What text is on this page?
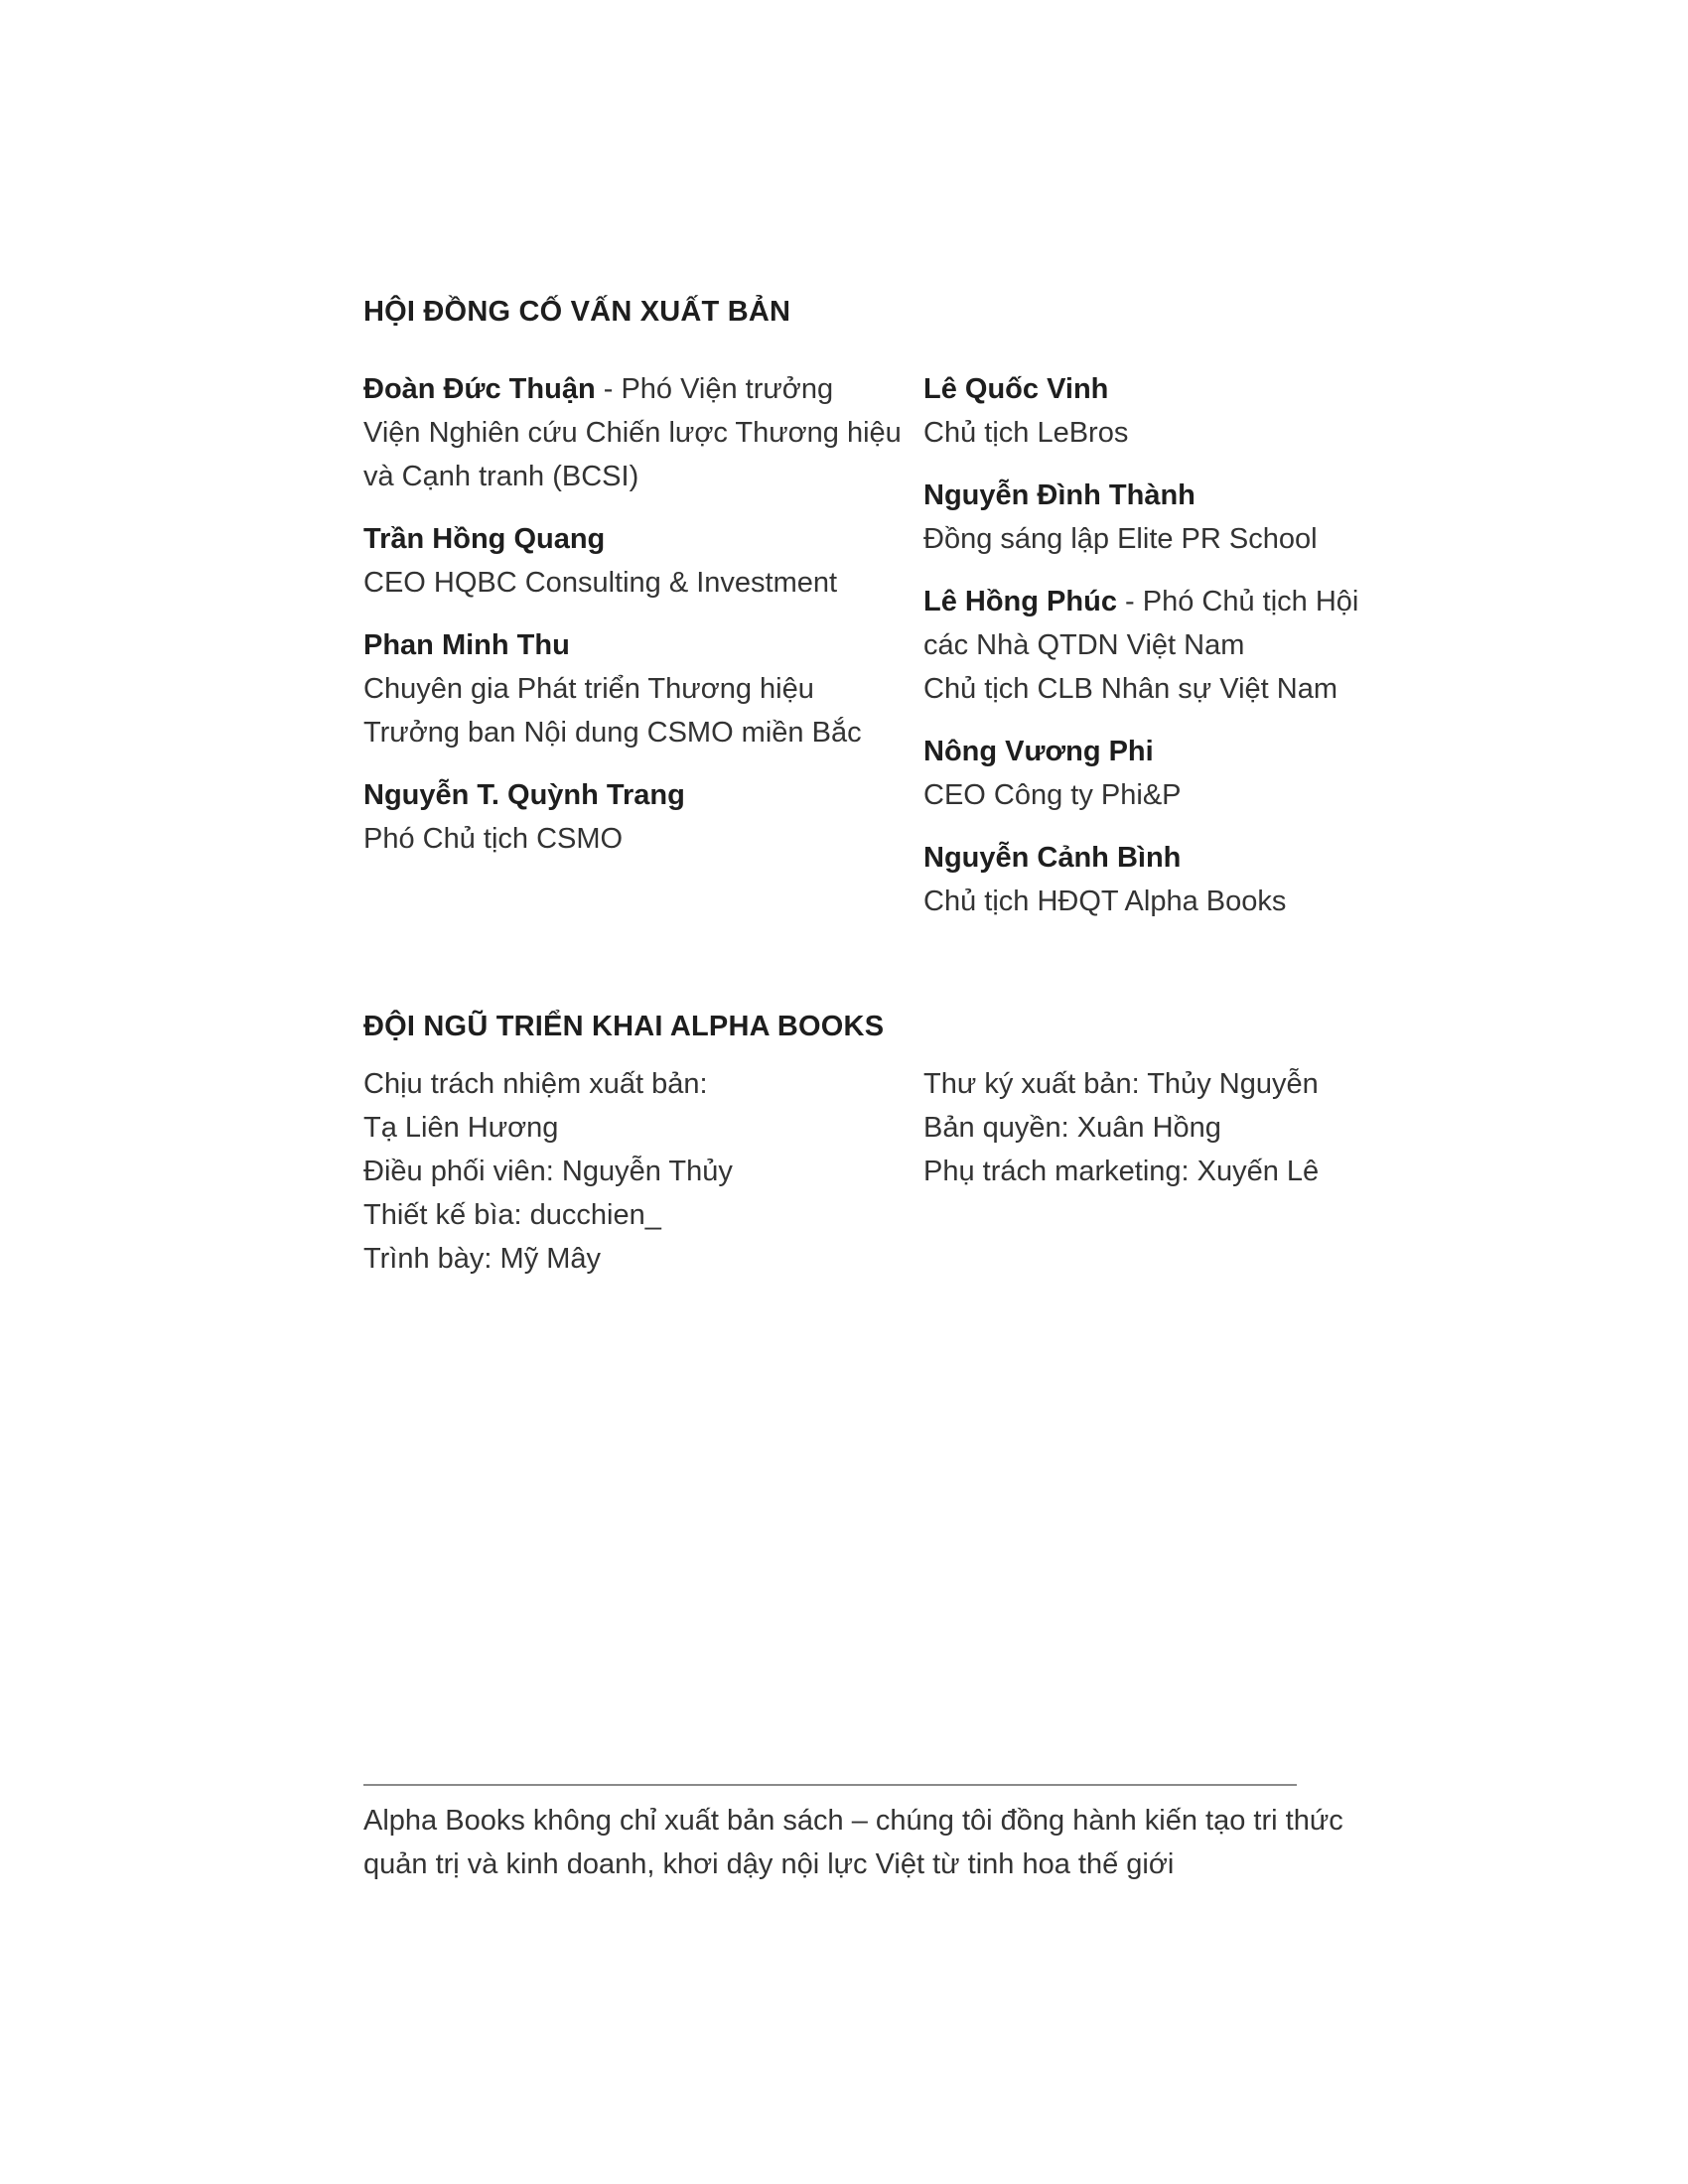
HỘI ĐỒNG CỐ VẤN XUẤT BẢN
Đoàn Đức Thuận - Phó Viện trưởng
Viện Nghiên cứu Chiến lược Thương hiệu
và Cạnh tranh (BCSI)
Trần Hồng Quang
CEO HQBC Consulting & Investment
Phan Minh Thu
Chuyên gia Phát triển Thương hiệu
Trưởng ban Nội dung CSMO miền Bắc
Nguyễn T. Quỳnh Trang
Phó Chủ tịch CSMO
Lê Quốc Vinh
Chủ tịch LeBros
Nguyễn Đình Thành
Đồng sáng lập Elite PR School
Lê Hồng Phúc - Phó Chủ tịch Hội
các Nhà QTDN Việt Nam
Chủ tịch CLB Nhân sự Việt Nam
Nông Vương Phi
CEO Công ty Phi&P
Nguyễn Cảnh Bình
Chủ tịch HĐQT Alpha Books
ĐỘI NGŨ TRIỂN KHAI ALPHA BOOKS
Chịu trách nhiệm xuất bản:
Tạ Liên Hương
Điều phối viên: Nguyễn Thủy
Thiết kế bìa: ducchien_
Trình bày: Mỹ Mây
Thư ký xuất bản: Thủy Nguyễn
Bản quyền: Xuân Hồng
Phụ trách marketing: Xuyến Lê
Alpha Books không chỉ xuất bản sách – chúng tôi đồng hành kiến tạo tri thức
quản trị và kinh doanh, khơi dậy nội lực Việt từ tinh hoa thế giới
